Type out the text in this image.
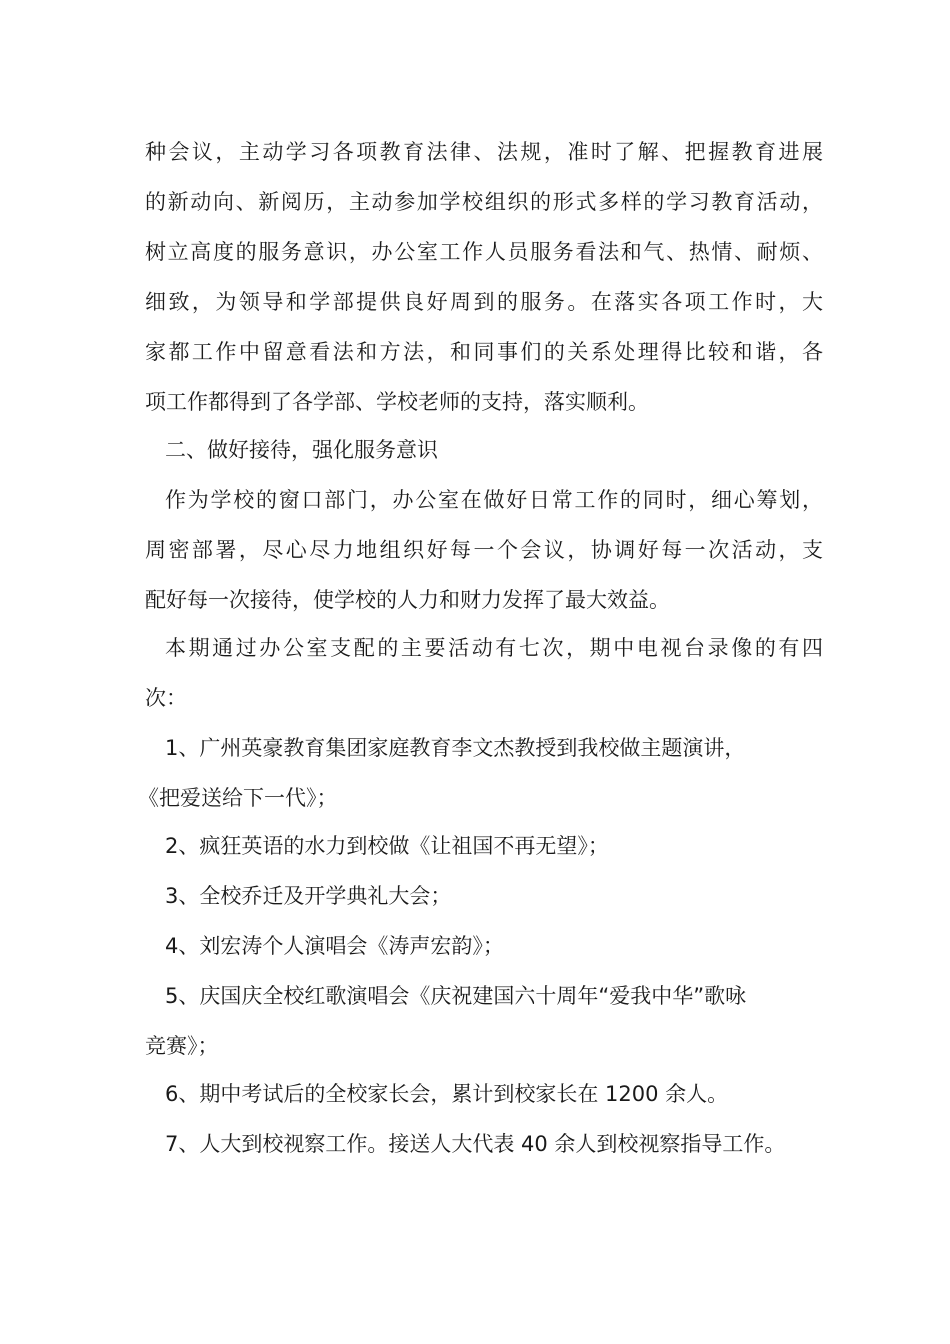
种会议，主动学习各项教育法律、法规，准时了解、把握教育进展
的新动向、新阅历，主动参加学校组织的形式多样的学习教育活动，
树立高度的服务意识，办公室工作人员服务看法和气、热情、耐烦、
细致，为领导和学部提供良好周到的服务。在落实各项工作时，大
家都工作中留意看法和方法，和同事们的关系处理得比较和谐，各
项工作都得到了各学部、学校老师的支持，落实顺利。
二、做好接待，强化服务意识
作为学校的窗口部门，办公室在做好日常工作的同时，细心筹划，
周密部署，尽心尽力地组织好每一个会议，协调好每一次活动，支
配好每一次接待，使学校的人力和财力发挥了最大效益。
本期通过办公室支配的主要活动有七次，期中电视台录像的有四
次：
1、广州英豪教育集团家庭教育李文杰教授到我校做主题演讲，
《把爱送给下一代》；
2、疯狂英语的水力到校做《让祖国不再无望》；
3、全校乔迁及开学典礼大会；
4、刘宏涛个人演唱会《涛声宏韵》；
5、庆国庆全校红歌演唱会《庆祝建国六十周年“爱我中华”歌咏
竞赛》；
6、期中考试后的全校家长会，累计到校家长在 1200 余人。
7、人大到校视察工作。接送人大代表 40 余人到校视察指导工作。
